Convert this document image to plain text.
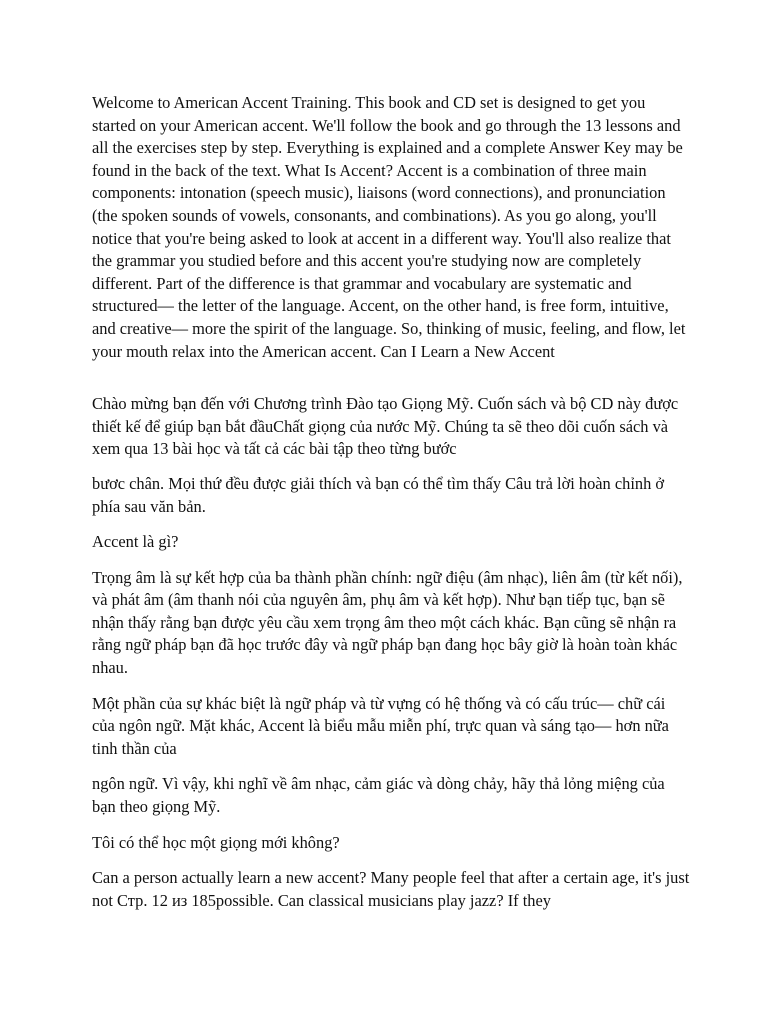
Welcome to American Accent Training. This book and CD set is designed to get you started on your American accent. We'll follow the book and go through the 13 lessons and all the exercises step by step. Everything is explained and a complete Answer Key may be found in the back of the text. What Is Accent? Accent is a combination of three main components: intonation (speech music), liaisons (word connections), and pronunciation (the spoken sounds of vowels, consonants, and combinations). As you go along, you'll notice that you're being asked to look at accent in a different way. You'll also realize that the grammar you studied before and this accent you're studying now are completely different. Part of the difference is that grammar and vocabulary are systematic and structured— the letter of the language. Accent, on the other hand, is free form, intuitive, and creative— more the spirit of the language. So, thinking of music, feeling, and flow, let your mouth relax into the American accent. Can I Learn a New Accent

Chào mừng bạn đến với Chương trình Đào tạo Giọng Mỹ. Cuốn sách và bộ CD này được thiết kế để giúp bạn bắt đầuChất giọng của nước Mỹ. Chúng ta sẽ theo dõi cuốn sách và xem qua 13 bài học và tất cả các bài tập theo từng bước

bươc chân. Mọi thứ đều được giải thích và bạn có thể tìm thấy Câu trả lời hoàn chỉnh ở phía sau văn bản.

Accent là gì?

Trọng âm là sự kết hợp của ba thành phần chính: ngữ điệu (âm nhạc), liên âm (từ kết nối), và phát âm (âm thanh nói của nguyên âm, phụ âm và kết hợp). Như bạn tiếp tục, bạn sẽ nhận thấy rằng bạn được yêu cầu xem trọng âm theo một cách khác. Bạn cũng sẽ nhận ra rằng ngữ pháp bạn đã học trước đây và ngữ pháp bạn đang học bây giờ là hoàn toàn khác nhau.

Một phần của sự khác biệt là ngữ pháp và từ vựng có hệ thống và có cấu trúc— chữ cái của ngôn ngữ. Mặt khác, Accent là biểu mẫu miễn phí, trực quan và sáng tạo— hơn nữa tinh thần của

ngôn ngữ. Vì vậy, khi nghĩ về âm nhạc, cảm giác và dòng chảy, hãy thả lỏng miệng của bạn theo giọng Mỹ.

Tôi có thể học một giọng mới không?

Can a person actually learn a new accent? Many people feel that after a certain age, it's just not Стр. 12 из 185possible. Can classical musicians play jazz? If they
